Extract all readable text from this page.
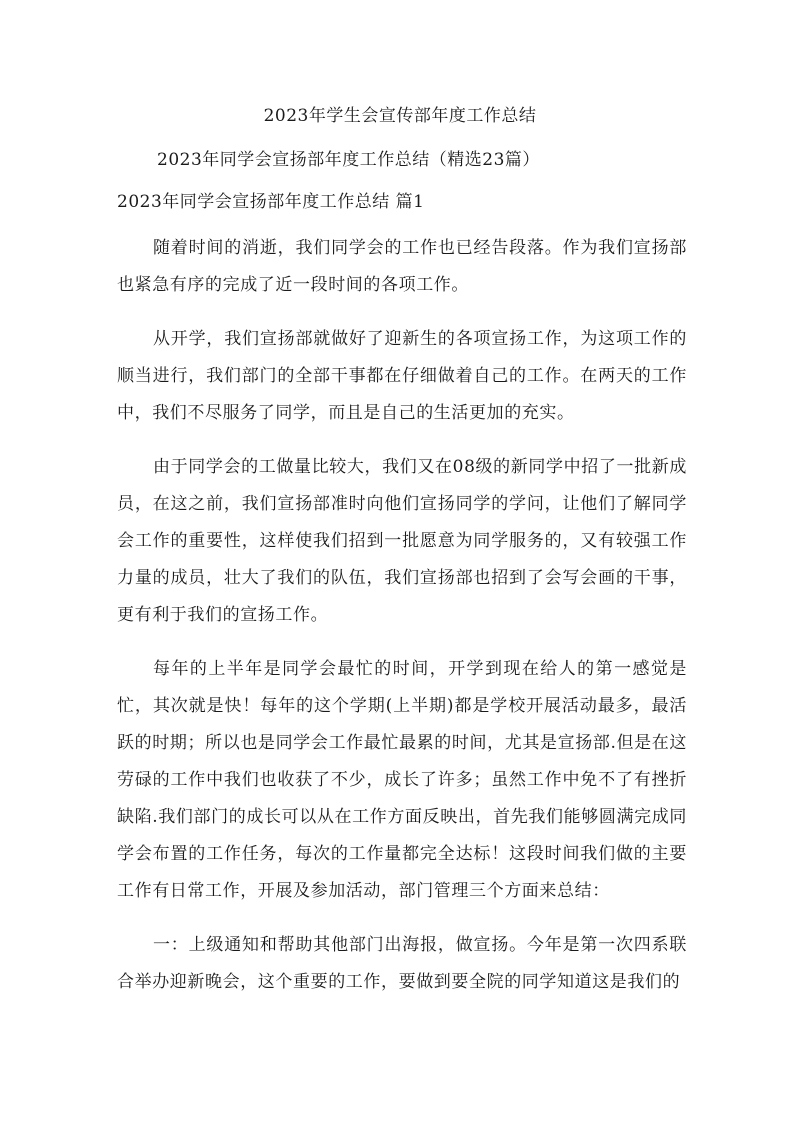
2023年学生会宣传部年度工作总结
2023年同学会宣扬部年度工作总结（精选23篇）
2023年同学会宣扬部年度工作总结 篇1

随着时间的消逝，我们同学会的工作也已经告段落。作为我们宣扬部也紧急有序的完成了近一段时间的各项工作。

从开学，我们宣扬部就做好了迎新生的各项宣扬工作，为这项工作的顺当进行，我们部门的全部干事都在仔细做着自己的工作。在两天的工作中，我们不尽服务了同学，而且是自己的生活更加的充实。

由于同学会的工做量比较大，我们又在08级的新同学中招了一批新成员，在这之前，我们宣扬部准时向他们宣扬同学的学问，让他们了解同学会工作的重要性，这样使我们招到一批愿意为同学服务的，又有较强工作力量的成员，壮大了我们的队伍，我们宣扬部也招到了会写会画的干事，更有利于我们的宣扬工作。

每年的上半年是同学会最忙的时间，开学到现在给人的第一感觉是忙，其次就是快！每年的这个学期(上半期)都是学校开展活动最多，最活跃的时期；所以也是同学会工作最忙最累的时间，尤其是宣扬部.但是在这劳碌的工作中我们也收获了不少，成长了许多；虽然工作中免不了有挫折缺陷.我们部门的成长可以从在工作方面反映出，首先我们能够圆满完成同学会布置的工作任务，每次的工作量都完全达标！这段时间我们做的主要工作有日常工作，开展及参加活动，部门管理三个方面来总结：

一：上级通知和帮助其他部门出海报，做宣扬。今年是第一次四系联合举办迎新晚会，这个重要的工作，要做到要全院的同学知道这是我们的
